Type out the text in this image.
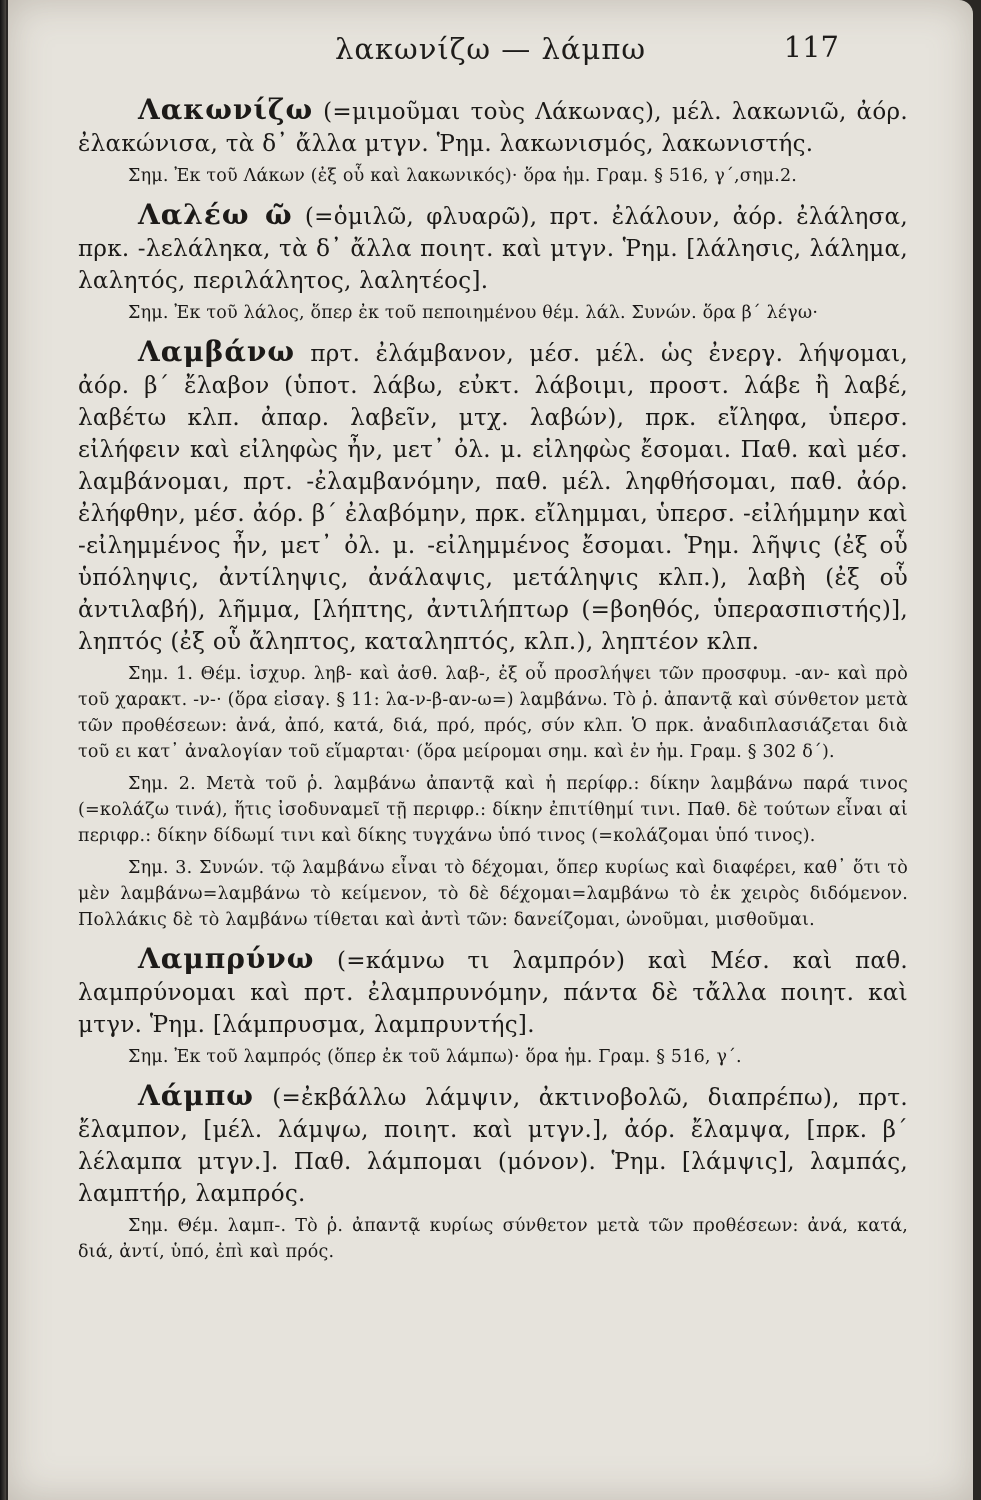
λακωνίζω — λάμπω	117

Λακωνίζω (=μιμοῦμαι τοὺς Λάκωνας), μέλ. λακωνιῶ, ἀόρ. ἐλακώνισα, τὰ δ᾿ ἄλλα μτγν. Ῥημ. λακωνισμός, λακωνιστής.

Σημ. Ἐκ τοῦ Λάκων (ἐξ οὗ καὶ λακωνικός)· ὅρα ἡμ. Γραμ. § 516, γ΄,σημ.2.

Λαλέω ῶ (=ὁμιλῶ, φλυαρῶ), πρτ. ἐλάλουν, ἀόρ. ἐλάλησα, πρκ. -λελάληκα, τὰ δ᾿ ἄλλα ποιητ. καὶ μτγν. Ῥημ. [λάλησις, λάλημα, λαλητός, περιλάλητος, λαλητέος].

Σημ. Ἐκ τοῦ λάλος, ὅπερ ἐκ τοῦ πεποιημένου θέμ. λάλ. Συνών. ὅρα β΄ λέγω·

Λαμβάνω πρτ. ἐλάμβανον, μέσ. μέλ. ὡς ἐνεργ. λήψομαι, ἀόρ. β΄ ἔλαβον (ὑποτ. λάβω, εὐκτ. λάβοιμι, προστ. λάβε ἢ λαβέ, λαβέτω κλπ. ἀπαρ. λαβεῖν, μτχ. λαβών), πρκ. εἴληφα, ὑπερσ. εἰλήφειν καὶ εἰληφὼς ἦν, μετ᾿ ὀλ. μ. εἰληφὼς ἔσομαι. Παθ. καὶ μέσ. λαμβάνομαι, πρτ. -ἐλαμβανόμην, παθ. μέλ. ληφθήσομαι, παθ. ἀόρ. ἐλήφθην, μέσ. ἀόρ. β΄ ἐλαβόμην, πρκ. εἴλημμαι, ὑπερσ. -εἰλήμμην καὶ -εἰλημμένος ἦν, μετ᾿ ὀλ. μ. -εἰλημμένος ἔσομαι. Ῥημ. λῆψις (ἐξ οὗ ὑπόληψις, ἀντίληψις, ἀνάλαψις, μετάληψις κλπ.), λαβὴ (ἐξ οὗ ἀντιλαβή), λῆμμα, [λήπτης, ἀντιλήπτωρ (=βοηθός, ὑπερασπιστής)], ληπτός (ἐξ οὗ ἄληπτος, καταληπτός, κλπ.), ληπτέον κλπ.

Σημ. 1. Θέμ. ἰσχυρ. ληβ- καὶ ἀσθ. λαβ-, ἐξ οὗ προσλήψει τῶν προσφυμ. -αν- καὶ πρὸ τοῦ χαρακτ. -ν-· (ὅρα εἰσαγ. § 11: λα-ν-β-αν-ω=) λαμβάνω. Τὸ ῥ. ἀπαντᾷ καὶ σύνθετον μετὰ τῶν προθέσεων: ἀνά, ἀπό, κατά, διά, πρό, πρός, σύν κλπ. Ὁ πρκ. ἀναδιπλασιάζεται διὰ τοῦ ει κατ᾿ ἀναλογίαν τοῦ εἵμαρται· (ὅρα μείρομαι σημ. καὶ ἐν ἡμ. Γραμ. § 302 δ΄).

Σημ. 2. Μετὰ τοῦ ῥ. λαμβάνω ἀπαντᾷ καὶ ἡ περίφρ.: δίκην λαμβάνω παρά τινος (=κολάζω τινά), ἥτις ἰσοδυναμεῖ τῇ περιφρ.: δίκην ἐπιτίθημί τινι. Παθ. δὲ τούτων εἶναι αἱ περιφρ.: δίκην δίδωμί τινι καὶ δίκης τυγχάνω ὑπό τινος (=κολάζομαι ὑπό τινος).

Σημ. 3. Συνών. τῷ λαμβάνω εἶναι τὸ δέχομαι, ὅπερ κυρίως καὶ διαφέρει, καθ᾿ ὅτι τὸ μὲν λαμβάνω=λαμβάνω τὸ κείμενον, τὸ δὲ δέχομαι=λαμβάνω τὸ ἐκ χειρὸς διδόμενον. Πολλάκις δὲ τὸ λαμβάνω τίθεται καὶ ἀντὶ τῶν: δανείζομαι, ὠνοῦμαι, μισθοῦμαι.

Λαμπρύνω (=κάμνω τι λαμπρόν) καὶ Μέσ. καὶ παθ. λαμπρύνομαι καὶ πρτ. ἐλαμπρυνόμην, πάντα δὲ τἄλλα ποιητ. καὶ μτγν. Ῥημ. [λάμπρυσμα, λαμπρυντής].

Σημ. Ἐκ τοῦ λαμπρός (ὅπερ ἐκ τοῦ λάμπω)· ὅρα ἡμ. Γραμ. § 516, γ΄.

Λάμπω (=ἐκβάλλω λάμψιν, ἀκτινοβολῶ, διαπρέπω), πρτ. ἔλαμπον, [μέλ. λάμψω, ποιητ. καὶ μτγν.], ἀόρ. ἔλαμψα, [πρκ. β΄ λέλαμπα μτγν.]. Παθ. λάμπομαι (μόνον). Ῥημ. [λάμψις], λαμπάς, λαμπτήρ, λαμπρός.

Σημ. Θέμ. λαμπ-. Τὸ ῥ. ἀπαντᾷ κυρίως σύνθετον μετὰ τῶν προθέσεων: ἀνά, κατά, διά, ἀντί, ὑπό, ἐπὶ καὶ πρός.
